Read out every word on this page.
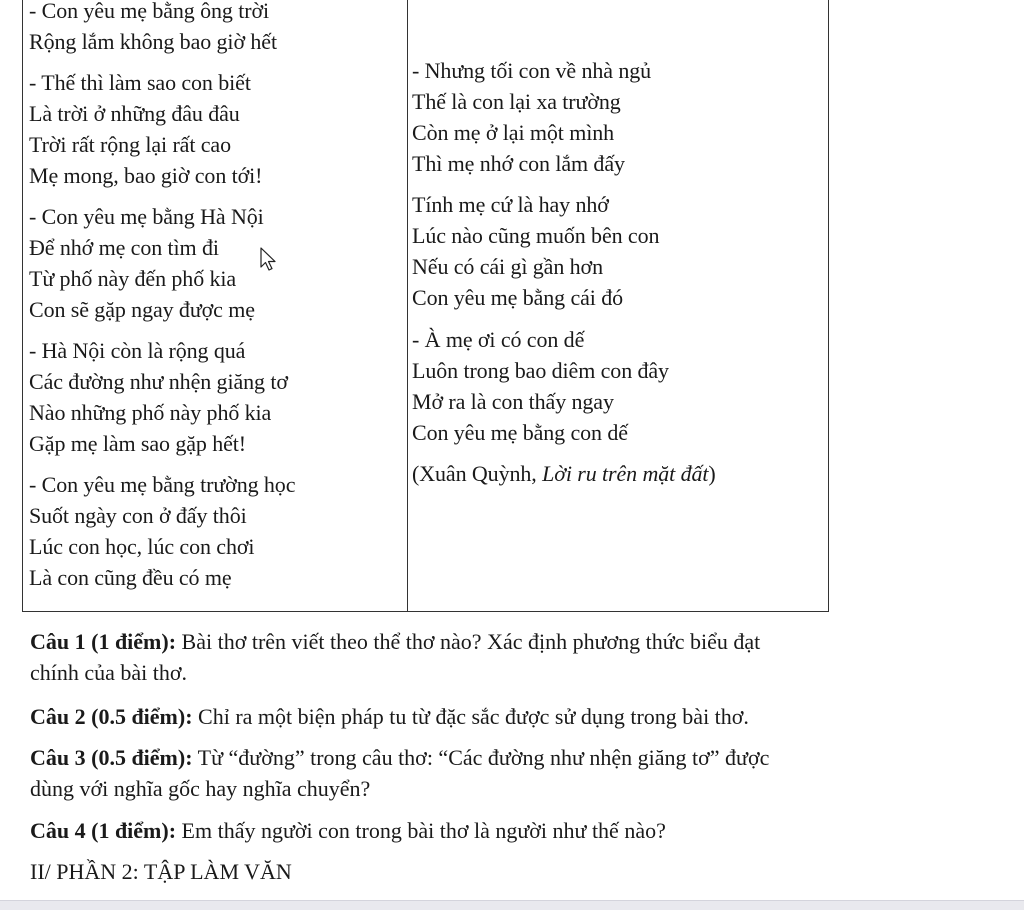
- Con yêu mẹ bằng ông trời
Rộng lắm không bao giờ hết
- Thế thì làm sao con biết
Là trời ở những đâu đâu
Trời rất rộng lại rất cao
Mẹ mong, bao giờ con tới!
- Con yêu mẹ bằng Hà Nội
Để nhớ mẹ con tìm đi
Từ phố này đến phố kia
Con sẽ gặp ngay được mẹ
- Hà Nội còn là rộng quá
Các đường như nhện giăng tơ
Nào những phố này phố kia
Gặp mẹ làm sao gặp hết!
- Con yêu mẹ bằng trường học
Suốt ngày con ở đấy thôi
Lúc con học, lúc con chơi
Là con cũng đều có mẹ
- Nhưng tối con về nhà ngủ
Thế là con lại xa trường
Còn mẹ ở lại một mình
Thì mẹ nhớ con lắm đấy
Tính mẹ cứ là hay nhớ
Lúc nào cũng muốn bên con
Nếu có cái gì gần hơn
Con yêu mẹ bằng cái đó
- À mẹ ơi có con dế
Luôn trong bao diêm con đây
Mở ra là con thấy ngay
Con yêu mẹ bằng con dế
(Xuân Quỳnh, Lời ru trên mặt đất)
Câu 1 (1 điểm): Bài thơ trên viết theo thể thơ nào? Xác định phương thức biểu đạt
chính của bài thơ.
Câu 2 (0.5 điểm): Chỉ ra một biện pháp tu từ đặc sắc được sử dụng trong bài thơ.
Câu 3 (0.5 điểm): Từ “đường” trong câu thơ: “Các đường như nhện giăng tơ” được
dùng với nghĩa gốc hay nghĩa chuyển?
Câu 4 (1 điểm): Em thấy người con trong bài thơ là người như thế nào?
II/ PHẦN 2: TẬP LÀM VĂN
